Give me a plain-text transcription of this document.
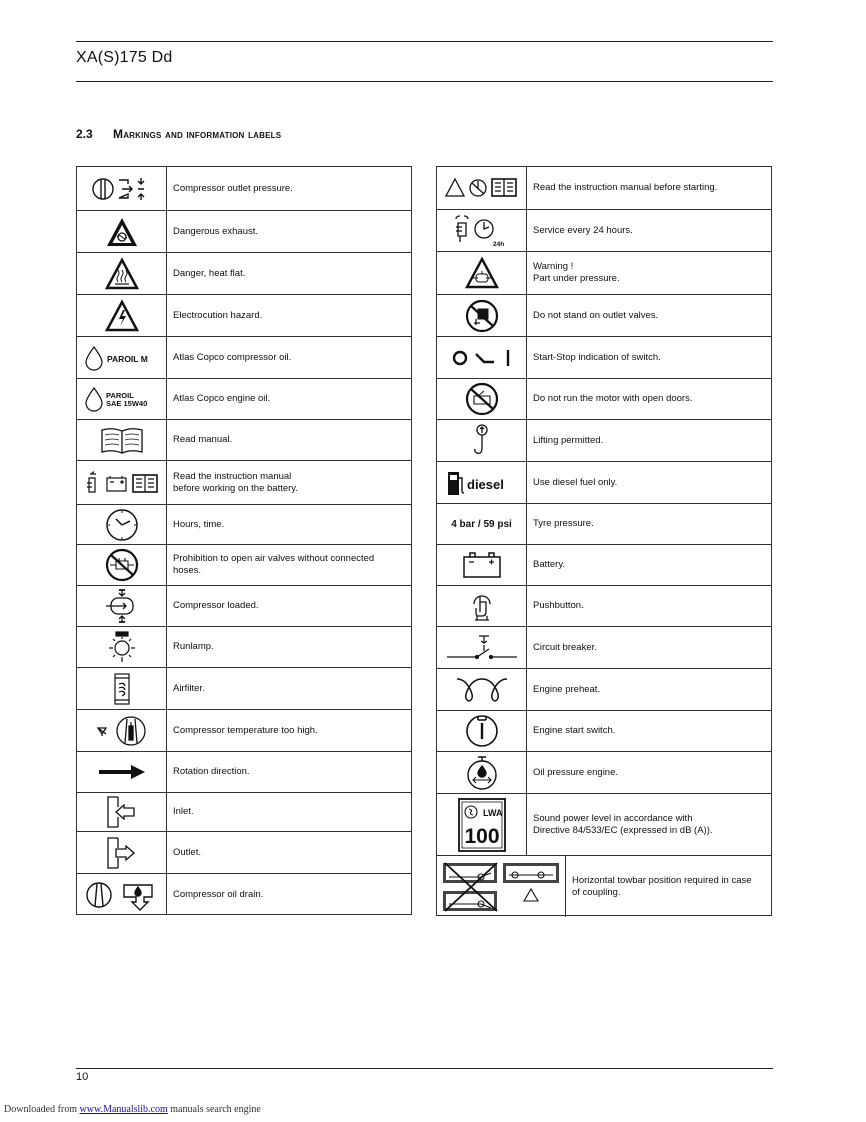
XA(S)175 Dd
2.3 Markings and information labels
Compressor outlet pressure.
Dangerous exhaust.
Danger, heat flat.
Electrocution hazard.
PAROIL M	Atlas Copco compressor oil.
PAROIL
SAE 15W40	Atlas Copco engine oil.
Read manual.
Read the instruction manual
before working on the battery.
Hours, time.
Prohibition to open air valves without connected
hoses.
Compressor loaded.
Runlamp.
Airfilter.
Compressor temperature too high.
Rotation direction.
Inlet.
Outlet.
Compressor oil drain.
Read the instruction manual before starting.
24h
Service every 24 hours.
Warning !
Part under pressure.
Do not stand on outlet valves.
Start-Stop indication of switch.
Do not run the motor with open doors.
Lifting permitted.
diesel	Use diesel fuel only.
4 bar / 59 psi	Tyre pressure.
Battery.
Pushbutton.
Circuit breaker.
Engine preheat.
Engine start switch.
Oil pressure engine.
LWA
100
Sound power level in accordance with
Directive 84/533/EC (expressed in dB (A)).
Horizontal towbar position required in case
of coupling.
10
Downloaded from www.Manualslib.com manuals search engine
